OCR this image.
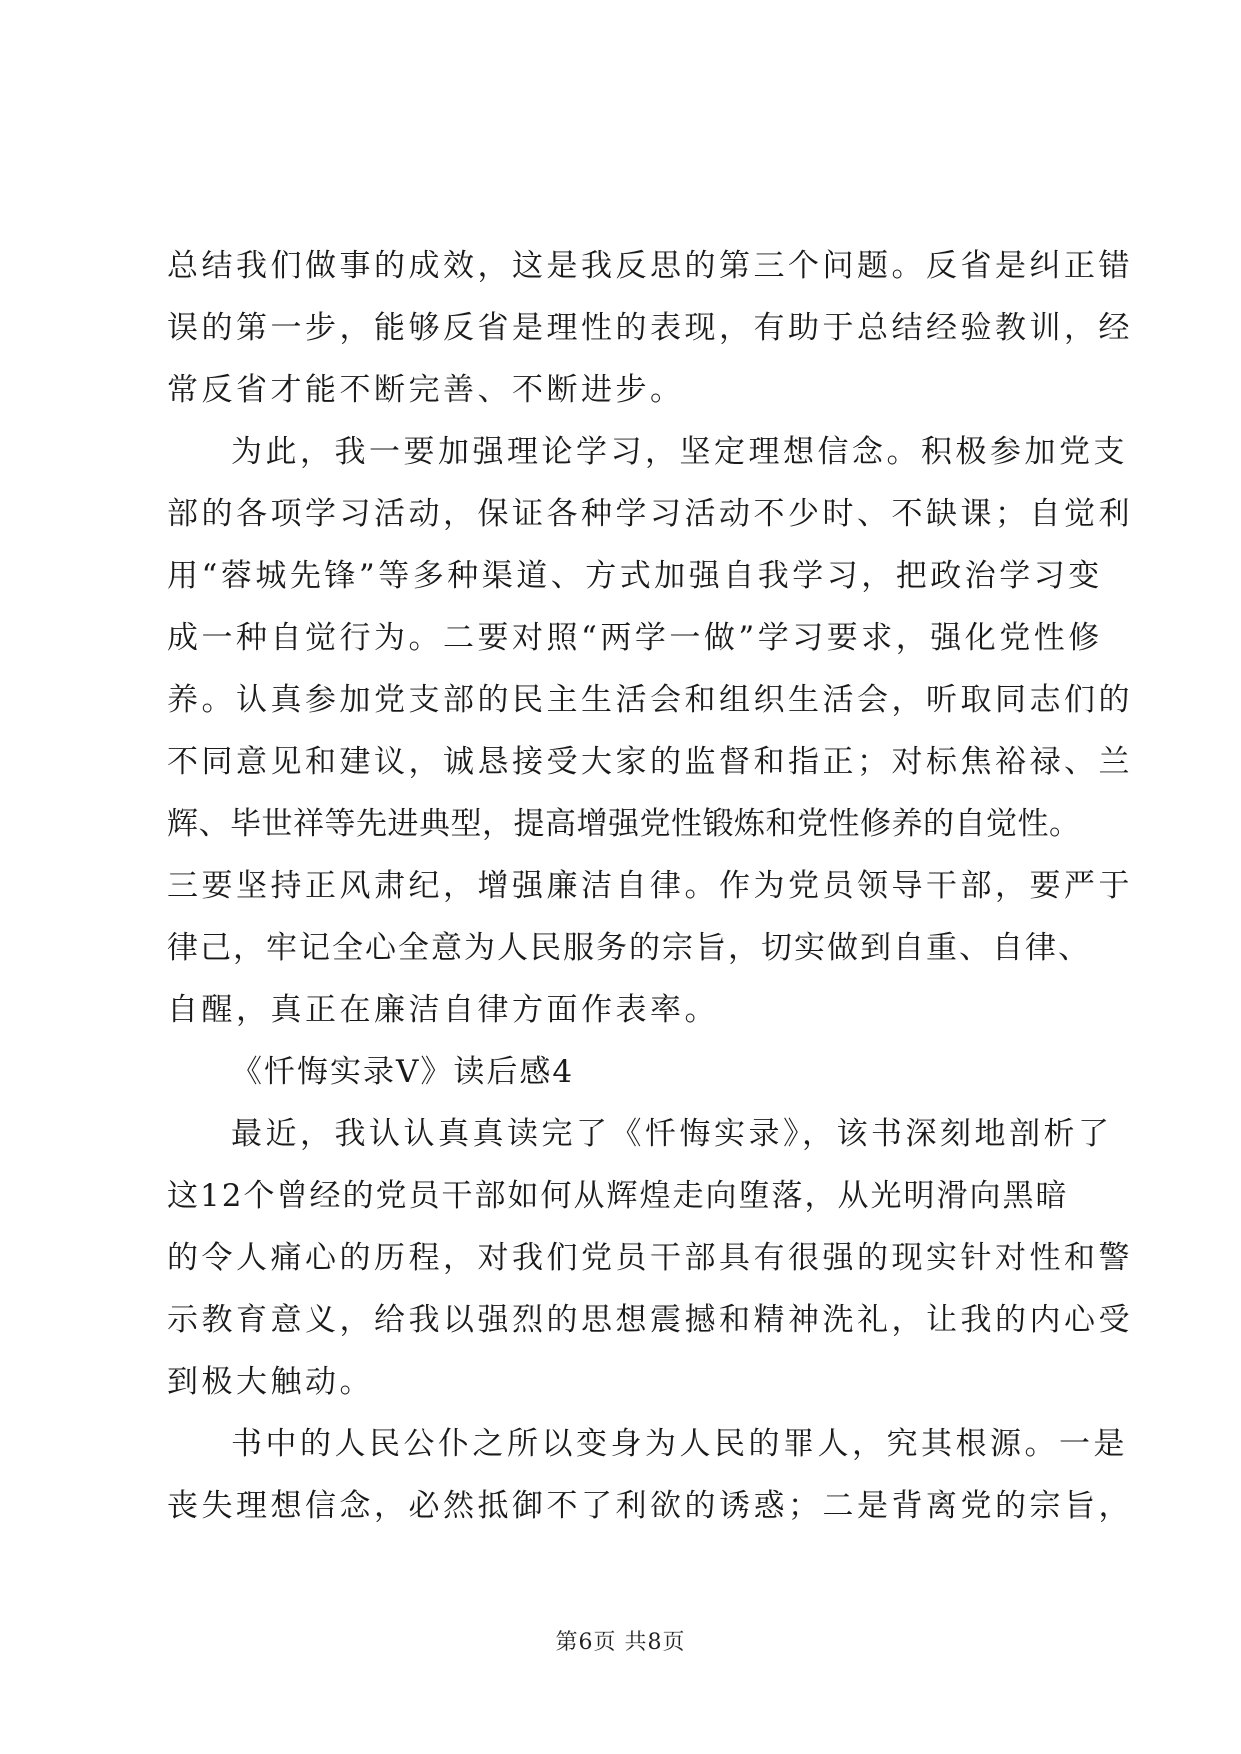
总结我们做事的成效，这是我反思的第三个问题。反省是纠正错
误的第一步，能够反省是理性的表现，有助于总结经验教训，经
常反省才能不断完善、不断进步。
为此，我一要加强理论学习，坚定理想信念。积极参加党支
部的各项学习活动，保证各种学习活动不少时、不缺课；自觉利
用“蓉城先锋”等多种渠道、方式加强自我学习，把政治学习变
成一种自觉行为。二要对照“两学一做”学习要求，强化党性修
养。认真参加党支部的民主生活会和组织生活会，听取同志们的
不同意见和建议，诚恳接受大家的监督和指正；对标焦裕禄、兰
辉、毕世祥等先进典型，提高增强党性锻炼和党性修养的自觉性。
三要坚持正风肃纪，增强廉洁自律。作为党员领导干部，要严于
律己，牢记全心全意为人民服务的宗旨，切实做到自重、自律、
自醒，真正在廉洁自律方面作表率。
《忏悔实录Ⅴ》读后感4
最近，我认认真真读完了《忏悔实录》，该书深刻地剖析了
这12个曾经的党员干部如何从辉煌走向堕落，从光明滑向黑暗
的令人痛心的历程，对我们党员干部具有很强的现实针对性和警
示教育意义，给我以强烈的思想震撼和精神洗礼，让我的内心受
到极大触动。
书中的人民公仆之所以变身为人民的罪人，究其根源。一是
丧失理想信念，必然抵御不了利欲的诱惑；二是背离党的宗旨，
第6页 共8页
